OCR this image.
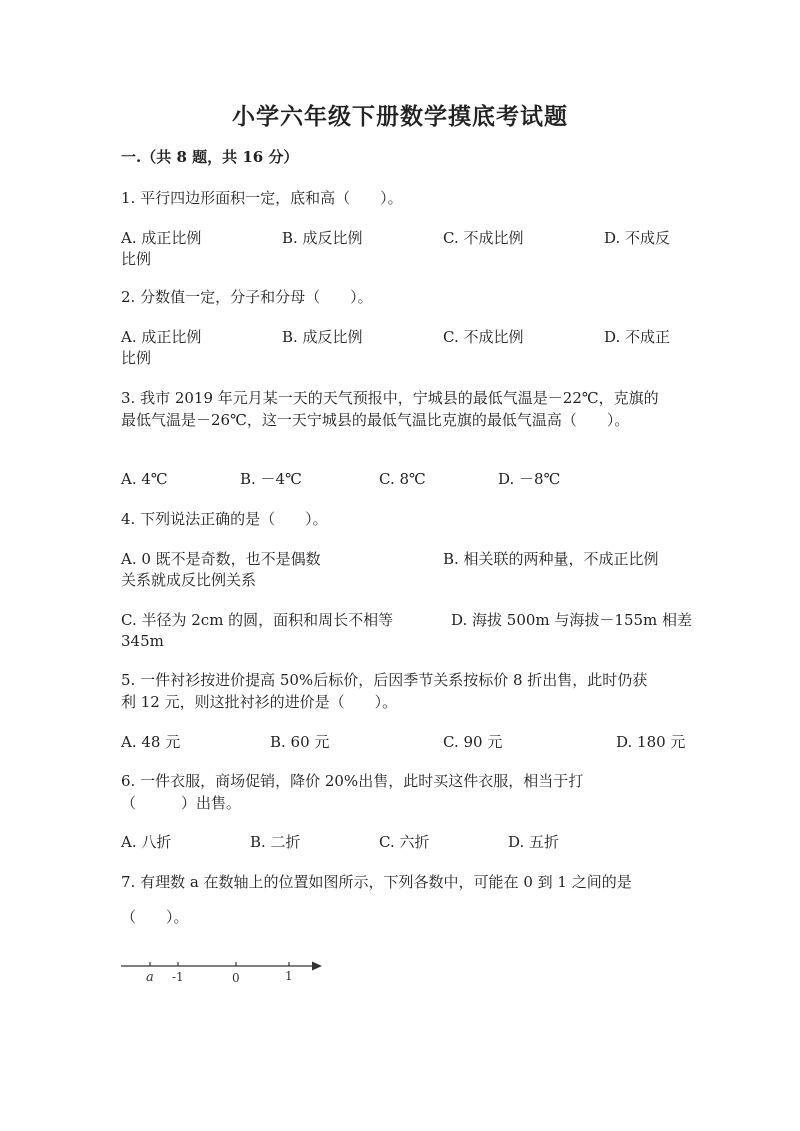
小学六年级下册数学摸底考试题
一.（共 8 题，共 16 分）
1. 平行四边形面积一定，底和高（　　）。
A. 成正比例	B. 成反比例	C. 不成比例	D. 不成反
比例
2. 分数值一定，分子和分母（　　）。
A. 成正比例	B. 成反比例	C. 不成比例	D. 不成正
比例
3. 我市 2019 年元月某一天的天气预报中，宁城县的最低气温是－22℃，克旗的
最低气温是－26℃，这一天宁城县的最低气温比克旗的最低气温高（　　）。
A. 4℃	B. －4℃	C. 8℃	D. －8℃
4. 下列说法正确的是（　　）。
A. 0 既不是奇数，也不是偶数	B. 相关联的两种量，不成正比例
关系就成反比例关系
C. 半径为 2cm 的圆，面积和周长不相等	D. 海拔 500m 与海拔－155m 相差
345m
5. 一件衬衫按进价提高 50%后标价，后因季节关系按标价 8 折出售，此时仍获
利 12 元，则这批衬衫的进价是（　　）。
A. 48 元	B. 60 元	C. 90 元	D. 180 元
6. 一件衣服，商场促销，降价 20%出售，此时买这件衣服，相当于打
（　　　）出售。
A. 八折	B. 二折	C. 六折	D. 五折
7. 有理数 a 在数轴上的位置如图所示，下列各数中，可能在 0 到 1 之间的是
（　　）。
a -1	0	1
